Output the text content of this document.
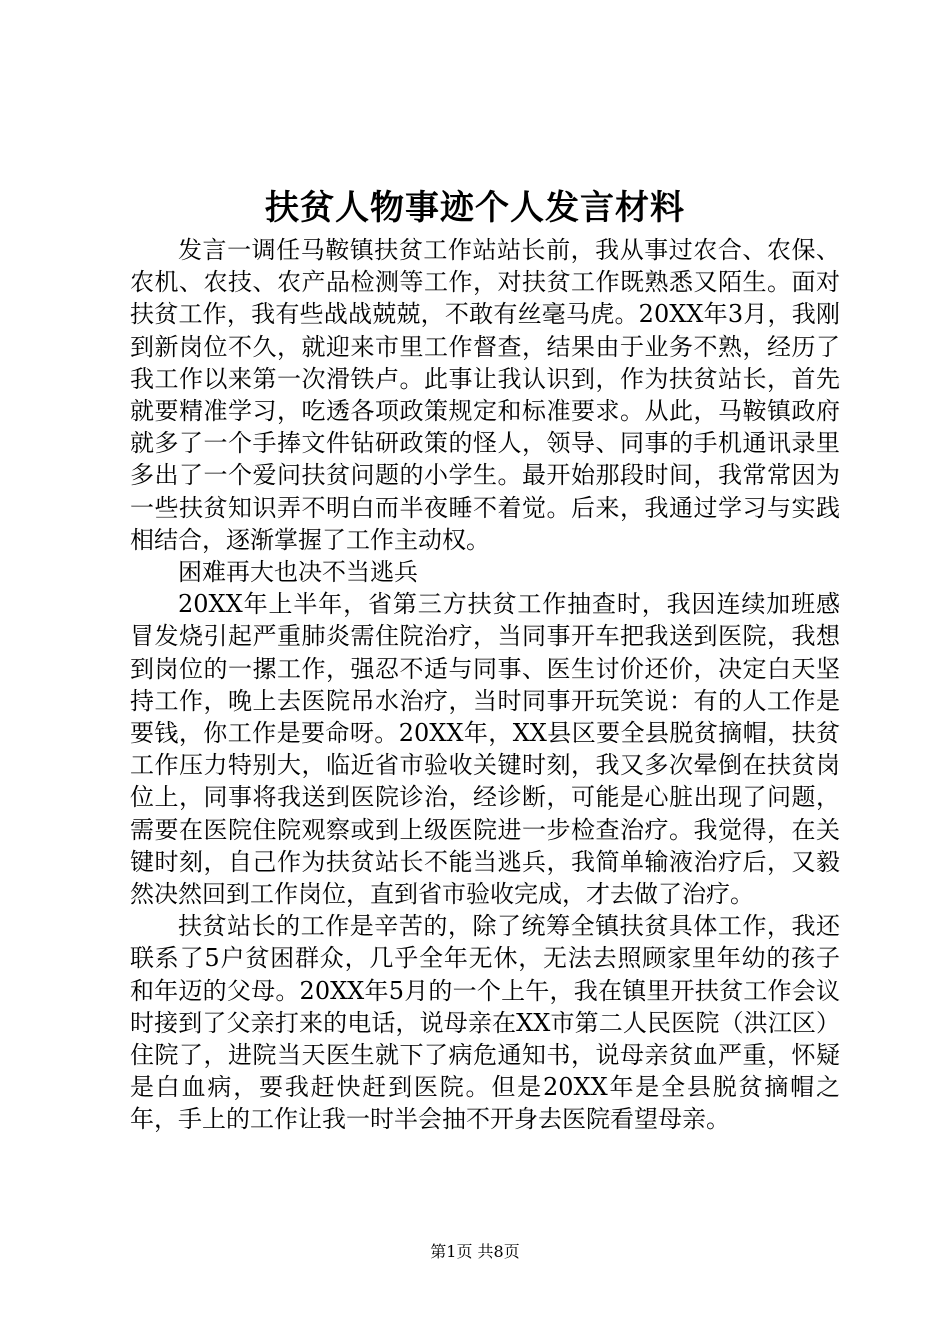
扶贫人物事迹个人发言材料

发言一调任马鞍镇扶贫工作站站长前，我从事过农合、农保、农机、农技、农产品检测等工作，对扶贫工作既熟悉又陌生。面对扶贫工作，我有些战战兢兢，不敢有丝毫马虎。20XX年3月，我刚到新岗位不久，就迎来市里工作督查，结果由于业务不熟，经历了我工作以来第一次滑铁卢。此事让我认识到，作为扶贫站长，首先就要精准学习，吃透各项政策规定和标准要求。从此，马鞍镇政府就多了一个手捧文件钻研政策的怪人，领导、同事的手机通讯录里多出了一个爱问扶贫问题的小学生。最开始那段时间，我常常因为一些扶贫知识弄不明白而半夜睡不着觉。后来，我通过学习与实践相结合，逐渐掌握了工作主动权。

困难再大也决不当逃兵

20XX年上半年，省第三方扶贫工作抽查时，我因连续加班感冒发烧引起严重肺炎需住院治疗，当同事开车把我送到医院，我想到岗位的一摞工作，强忍不适与同事、医生讨价还价，决定白天坚持工作，晚上去医院吊水治疗，当时同事开玩笑说：有的人工作是要钱，你工作是要命呀。20XX年，XX县区要全县脱贫摘帽，扶贫工作压力特别大，临近省市验收关键时刻，我又多次晕倒在扶贫岗位上，同事将我送到医院诊治，经诊断，可能是心脏出现了问题，需要在医院住院观察或到上级医院进一步检查治疗。我觉得，在关键时刻，自己作为扶贫站长不能当逃兵，我简单输液治疗后，又毅然决然回到工作岗位，直到省市验收完成，才去做了治疗。

扶贫站长的工作是辛苦的，除了统筹全镇扶贫具体工作，我还联系了5户贫困群众，几乎全年无休，无法去照顾家里年幼的孩子和年迈的父母。20XX年5月的一个上午，我在镇里开扶贫工作会议时接到了父亲打来的电话，说母亲在XX市第二人民医院（洪江区）住院了，进院当天医生就下了病危通知书，说母亲贫血严重，怀疑是白血病，要我赶快赶到医院。但是20XX年是全县脱贫摘帽之年，手上的工作让我一时半会抽不开身去医院看望母亲。

第1页 共8页
